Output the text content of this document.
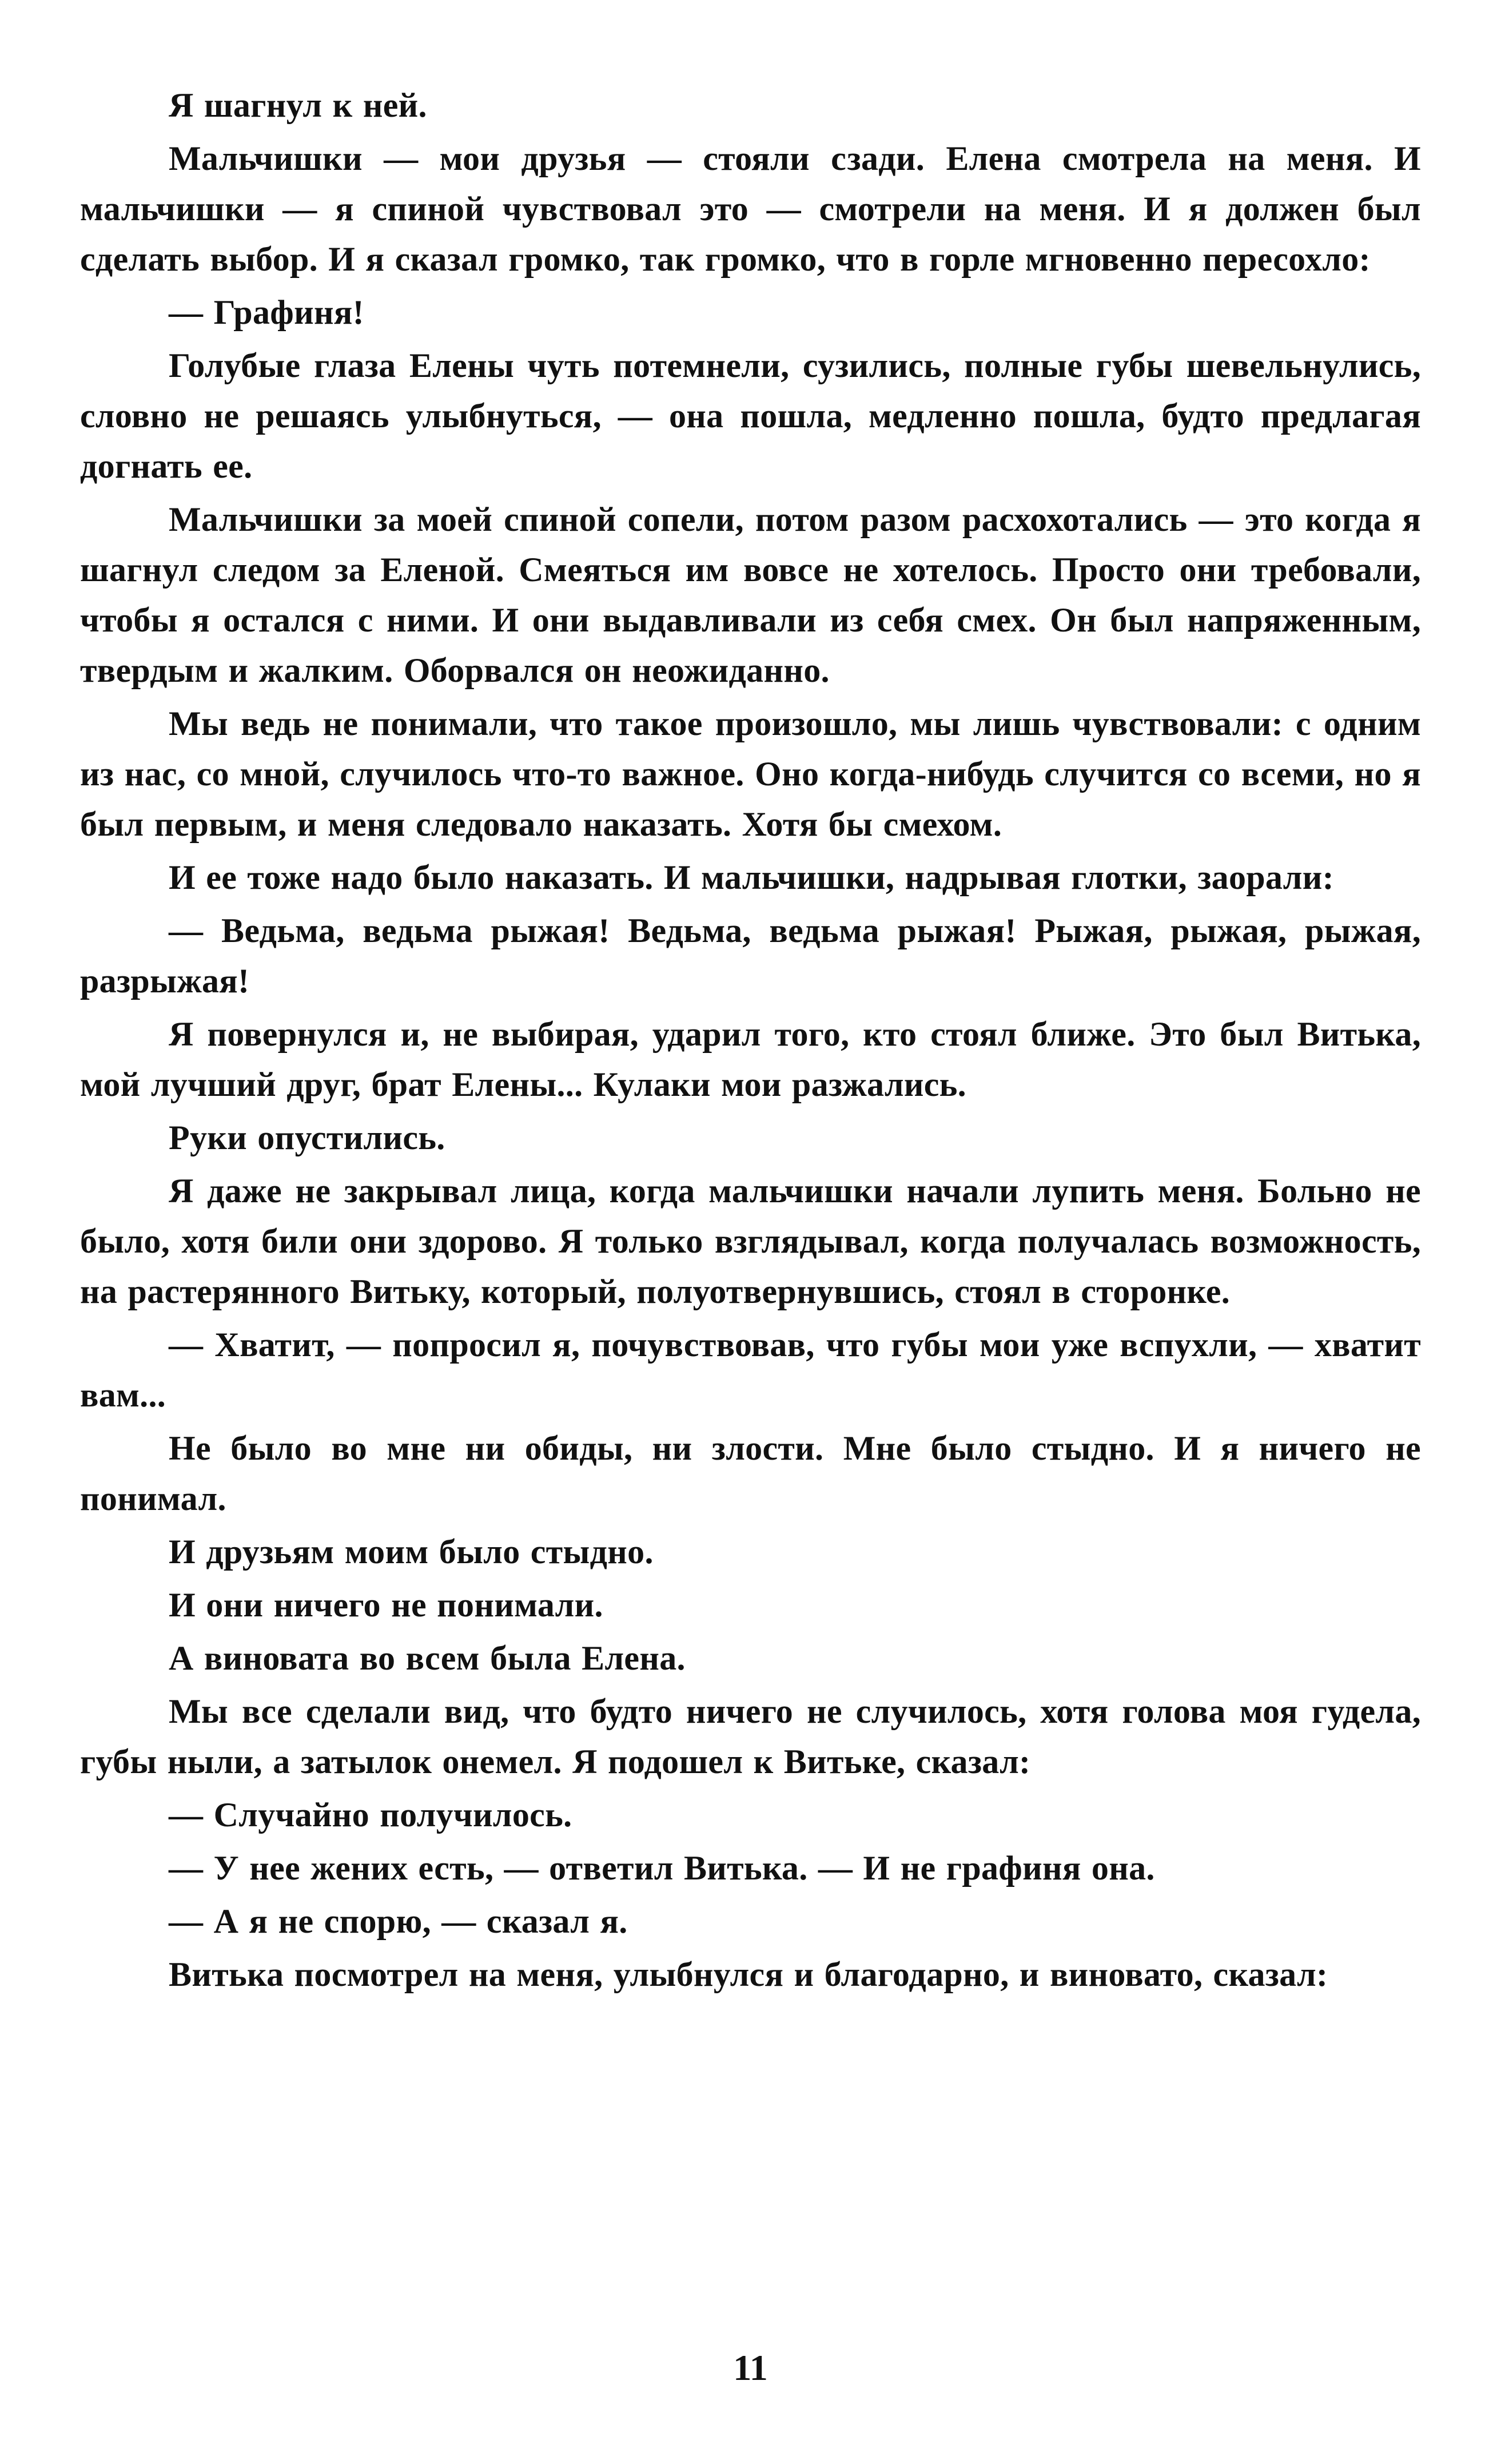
Я шагнул к ней.

Мальчишки — мои друзья — стояли сзади. Елена смотрела на меня. И мальчишки — я спиной чувствовал это — смотрели на меня. И я должен был сделать выбор. И я сказал громко, так громко, что в горле мгновенно пересохло:

— Графиня!

Голубые глаза Елены чуть потемнели, сузились, полные губы шевельнулись, словно не решаясь улыбнуться, — она пошла, медленно пошла, будто предлагая догнать ее.

Мальчишки за моей спиной сопели, потом разом расхохотались — это когда я шагнул следом за Еленой. Смеяться им вовсе не хотелось. Просто они требовали, чтобы я остался с ними. И они выдавливали из себя смех. Он был напряженным, твердым и жалким. Оборвался он неожиданно.

Мы ведь не понимали, что такое произошло, мы лишь чувствовали: с одним из нас, со мной, случилось что-то важное. Оно когда-нибудь случится со всеми, но я был первым, и меня следовало наказать. Хотя бы смехом.

И ее тоже надо было наказать. И мальчишки, надрывая глотки, заорали:

— Ведьма, ведьма рыжая! Ведьма, ведьма рыжая! Рыжая, рыжая, рыжая, разрыжая!

Я повернулся и, не выбирая, ударил того, кто стоял ближе. Это был Витька, мой лучший друг, брат Елены... Кулаки мои разжались.

Руки опустились.

Я даже не закрывал лица, когда мальчишки начали лупить меня. Больно не было, хотя били они здорово. Я только взглядывал, когда получалась возможность, на растерянного Витьку, который, полуотвернувшись, стоял в сторонке.

— Хватит, — попросил я, почувствовав, что губы мои уже вспухли, — хватит вам...

Не было во мне ни обиды, ни злости. Мне было стыдно. И я ничего не понимал.

И друзьям моим было стыдно.

И они ничего не понимали.

А виновата во всем была Елена.

Мы все сделали вид, что будто ничего не случилось, хотя голова моя гудела, губы ныли, а затылок онемел. Я подошел к Витьке, сказал:

— Случайно получилось.

— У нее жених есть, — ответил Витька. — И не графиня она.

— А я не спорю, — сказал я.

Витька посмотрел на меня, улыбнулся и благодарно, и виновато, сказал:

11
